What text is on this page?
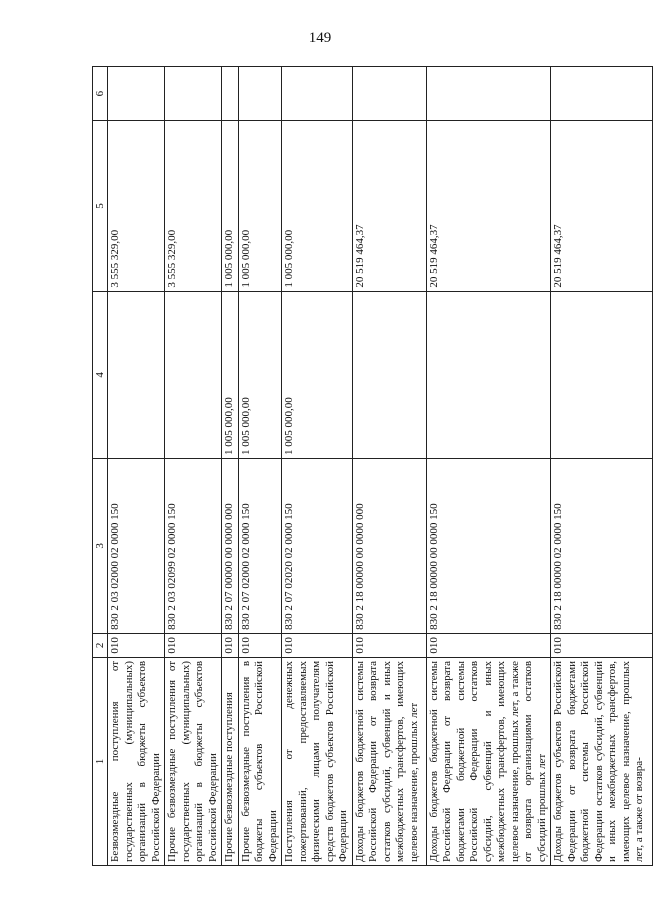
149
1	2	3	4	5	6
Безвозмездные поступления от государственных (муниципальных) организаций в бюджеты субъектов Российской Федерации	010	830 2 03 02000 02 0000 150		3 555 329,00	
Прочие безвозмездные поступления от государственных (муниципальных) организаций в бюджеты субъектов Российской Федерации	010	830 2 03 02099 02 0000 150		3 555 329,00	
Прочие безвозмездные поступления	010	830 2 07 00000 00 0000 000	1 005 000,00	1 005 000,00	
Прочие безвозмездные поступления в бюджеты субъектов Российской Федерации	010	830 2 07 02000 02 0000 150	1 005 000,00	1 005 000,00	
Поступления от денежных пожертвований, предоставляемых физическими лицами получателям средств бюджетов субъектов Российской Федерации	010	830 2 07 02020 02 0000 150	1 005 000,00	1 005 000,00	
Доходы бюджетов бюджетной системы Российской Федерации от возврата остатков субсидий, субвенций и иных межбюджетных трансфертов, имеющих целевое назначение, прошлых лет	010	830 2 18 00000 00 0000 000		20 519 464,37	
Доходы бюджетов бюджетной системы Российской Федерации от возврата бюджетами бюджетной системы Российской Федерации остатков субсидий, субвенций и иных межбюджетных трансфертов, имеющих целевое назначение, прошлых лет, а также от возврата организациями остатков субсидий прошлых лет	010	830 2 18 00000 00 0000 150		20 519 464,37	
Доходы бюджетов субъектов Российской Федерации от возврата бюджетами бюджетной системы Российской Федерации остатков субсидий, субвенций и иных межбюджетных трансфертов, имеющих целевое назначение, прошлых лет, а также от возвра-	010	830 2 18 00000 02 0000 150		20 519 464,37	
